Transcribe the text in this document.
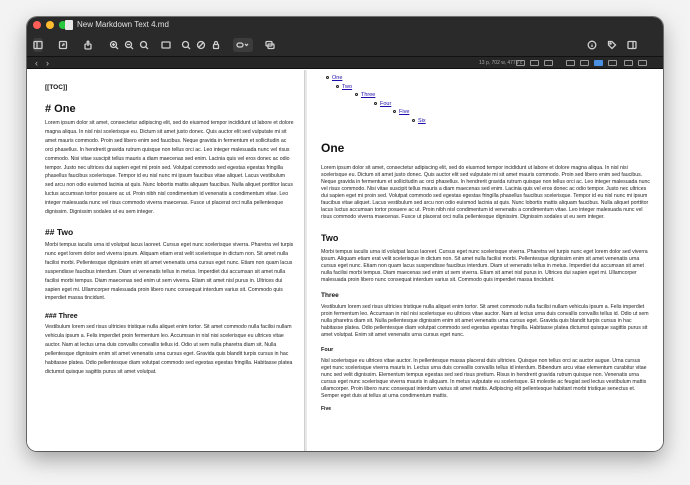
New Markdown Text 4.md
‹ ›	13 p, 702 w, 4779 c
[[TOC]]
# One
Lorem ipsum dolor sit amet, consectetur adipiscing elit, sed do eiusmod tempor incididunt ut labore et dolore magna aliqua. In nisl nisi scelerisque eu. Dictum sit amet justo donec. Quis auctor elit sed vulputate mi sit amet mauris commodo. Proin sed libero enim sed faucibus. Neque gravida in fermentum et sollicitudin ac orci phasellus. In hendrerit gravida rutrum quisque non tellus orci ac. Leo integer malesuada nunc vel risus commodo. Nisi vitae suscipit tellus mauris a diam maecenas sed enim. Lacinia quis vel eros donec ac odio tempor. Justo nec ultrices dui sapien eget mi proin sed. Volutpat commodo sed egestas egestas fringilla phasellus faucibus scelerisque. Tempor id eu nisl nunc mi ipsum faucibus vitae aliquet. Lacus vestibulum sed arcu non odio euismod lacinia at quis. Nunc lobortis mattis aliquam faucibus. Nulla aliquet porttitor lacus luctus accumsan tortor posuere ac ut. Proin nibh nisl condimentum id venenatis a condimentum vitae. Leo integer malesuada nunc vel risus commodo viverra maecenas. Fusce ut placerat orci nulla pellentesque dignissim. Dignissim sodales ut eu sem integer.
## Two
Morbi tempus iaculis urna id volutpat lacus laoreet. Cursus eget nunc scelerisque viverra. Pharetra vel turpis nunc eget lorem dolor sed viverra ipsum. Aliquam etiam erat velit scelerisque in dictum non. Sit amet nulla facilisi morbi. Pellentesque dignissim enim sit amet venenatis urna cursus eget nunc. Etiam non quam lacus suspendisse faucibus interdum. Diam ut venenatis tellus in metus. Imperdiet dui accumsan sit amet nulla facilisi morbi tempus. Diam maecenas sed enim ut sem viverra. Etiam sit amet nisl purus in. Ultrices dui sapien eget mi. Ullamcorper malesuada proin libero nunc consequat interdum varius sit. Commodo quis imperdiet massa tincidunt.
### Three
Vestibulum lorem sed risus ultricies tristique nulla aliquet enim tortor. Sit amet commodo nulla facilisi nullam vehicula ipsum a. Felis imperdiet proin fermentum leo. Accumsan in nisl nisi scelerisque eu ultrices vitae auctor. Nam at lectus urna duis convallis convallis tellus id. Odio ut sem nulla pharetra diam sit. Nulla pellentesque dignissim enim sit amet venenatis urna cursus eget. Gravida quis blandit turpis cursus in hac habitasse platea. Odio pellentesque diam volutpat commodo sed egestas egestas fringilla. Habitasse platea dictumst quisque sagittis purus sit amet volutpat.
One
Two
Three
Four
Five
Six
One
Lorem ipsum dolor sit amet, consectetur adipiscing elit, sed do eiusmod tempor incididunt ut labore et dolore magna aliqua. In nisl nisi scelerisque eu. Dictum sit amet justo donec. Quis auctor elit sed vulputate mi sit amet mauris commodo. Proin sed libero enim sed faucibus. Neque gravida in fermentum et sollicitudin ac orci phasellus. In hendrerit gravida rutrum quisque non tellus orci ac. Leo integer malesuada nunc vel risus commodo. Nisi vitae suscipit tellus mauris a diam maecenas sed enim. Lacinia quis vel eros donec ac odio tempor. Justo nec ultrices dui sapien eget mi proin sed. Volutpat commodo sed egestas egestas fringilla phasellus faucibus scelerisque. Tempor id eu nisl nunc mi ipsum faucibus vitae aliquet. Lacus vestibulum sed arcu non odio euismod lacinia at quis. Nunc lobortis mattis aliquam faucibus. Nulla aliquet porttitor lacus luctus accumsan tortor posuere ac ut. Proin nibh nisl condimentum id venenatis a condimentum vitae. Leo integer malesuada nunc vel risus commodo viverra maecenas. Fusce ut placerat orci nulla pellentesque dignissim. Dignissim sodales ut eu sem integer.
Two
Morbi tempus iaculis urna id volutpat lacus laoreet. Cursus eget nunc scelerisque viverra. Pharetra vel turpis nunc eget lorem dolor sed viverra ipsum. Aliquam etiam erat velit scelerisque in dictum non. Sit amet nulla facilisi morbi. Pellentesque dignissim enim sit amet venenatis urna cursus eget nunc. Etiam non quam lacus suspendisse faucibus interdum. Diam ut venenatis tellus in metus. Imperdiet dui accumsan sit amet nulla facilisi morbi tempus. Diam maecenas sed enim ut sem viverra. Etiam sit amet nisl purus in. Ultrices dui sapien eget mi. Ullamcorper malesuada proin libero nunc consequat interdum varius sit. Commodo quis imperdiet massa tincidunt.
Three
Vestibulum lorem sed risus ultricies tristique nulla aliquet enim tortor. Sit amet commodo nulla facilisi nullam vehicula ipsum a. Felis imperdiet proin fermentum leo. Accumsan in nisl nisi scelerisque eu ultrices vitae auctor. Nam at lectus urna duis convallis convallis tellus id. Odio ut sem nulla pharetra diam sit. Nulla pellentesque dignissim enim sit amet venenatis urna cursus eget. Gravida quis blandit turpis cursus in hac habitasse platea. Odio pellentesque diam volutpat commodo sed egestas egestas fringilla. Habitasse platea dictumst quisque sagittis purus sit amet volutpat. Enim sit amet venenatis urna cursus eget nunc.
Four
Nisl scelerisque eu ultrices vitae auctor. In pellentesque massa placerat duis ultricies. Quisque non tellus orci ac auctor augue. Urna cursus eget nunc scelerisque viverra mauris in. Lectus urna duis convallis convallis tellus id interdum. Bibendum arcu vitae elementum curabitur vitae nunc sed velit dignissim. Elementum tempus egestas sed sed risus pretium. Risus in hendrerit gravida rutrum quisque non. Venenatis urna cursus eget nunc scelerisque viverra mauris in aliquam. In metus vulputate eu scelerisque. Et molestie ac feugiat sed lectus vestibulum mattis ullamcorper. Proin libero nunc consequat interdum varius sit amet mattis. Adipiscing elit pellentesque habitant morbi tristique senectus et. Semper eget duis at tellus at urna condimentum mattis.
Five
